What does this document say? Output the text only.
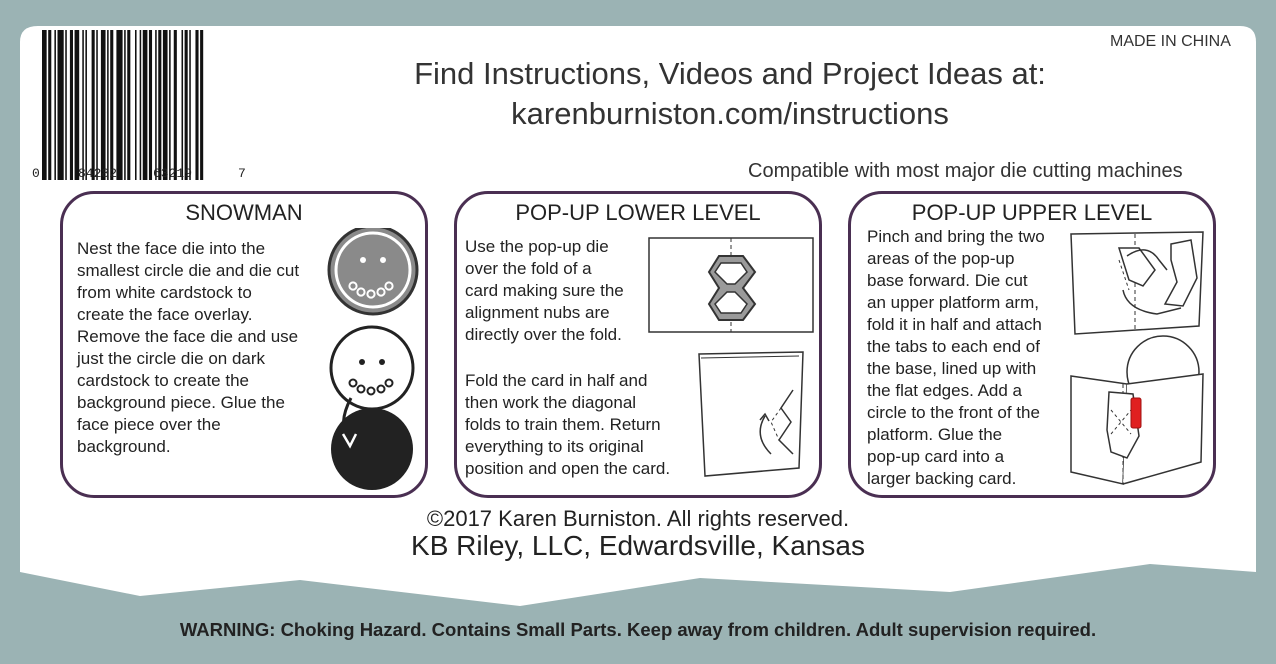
0	84282	63219	7
MADE IN CHINA
Find Instructions, Videos and Project Ideas at:
karenburniston.com/instructions
Compatible with most major die cutting machines
SNOWMAN
Nest the face die into the
smallest circle die and die cut
from white cardstock to
create the face overlay.
Remove the face die and use
just the circle die on dark
cardstock to create the
background piece. Glue the
face piece over the
background.
POP-UP LOWER LEVEL
Use the pop-up die
over the fold of a
card making sure the
alignment nubs are
directly over the fold.
Fold the card in half and
then work the diagonal
folds to train them. Return
everything to its original
position and open the card.
POP-UP UPPER LEVEL
Pinch and bring the two
areas of the pop-up
base forward. Die cut
an upper platform arm,
fold it in half and attach
the tabs to each end of
the base, lined up with
the flat edges. Add a
circle to the front of the
platform. Glue the
pop-up card into a
larger backing card.
©2017 Karen Burniston. All rights reserved.
KB Riley, LLC, Edwardsville, Kansas
WARNING: Choking Hazard. Contains Small Parts. Keep away from children. Adult supervision required.
